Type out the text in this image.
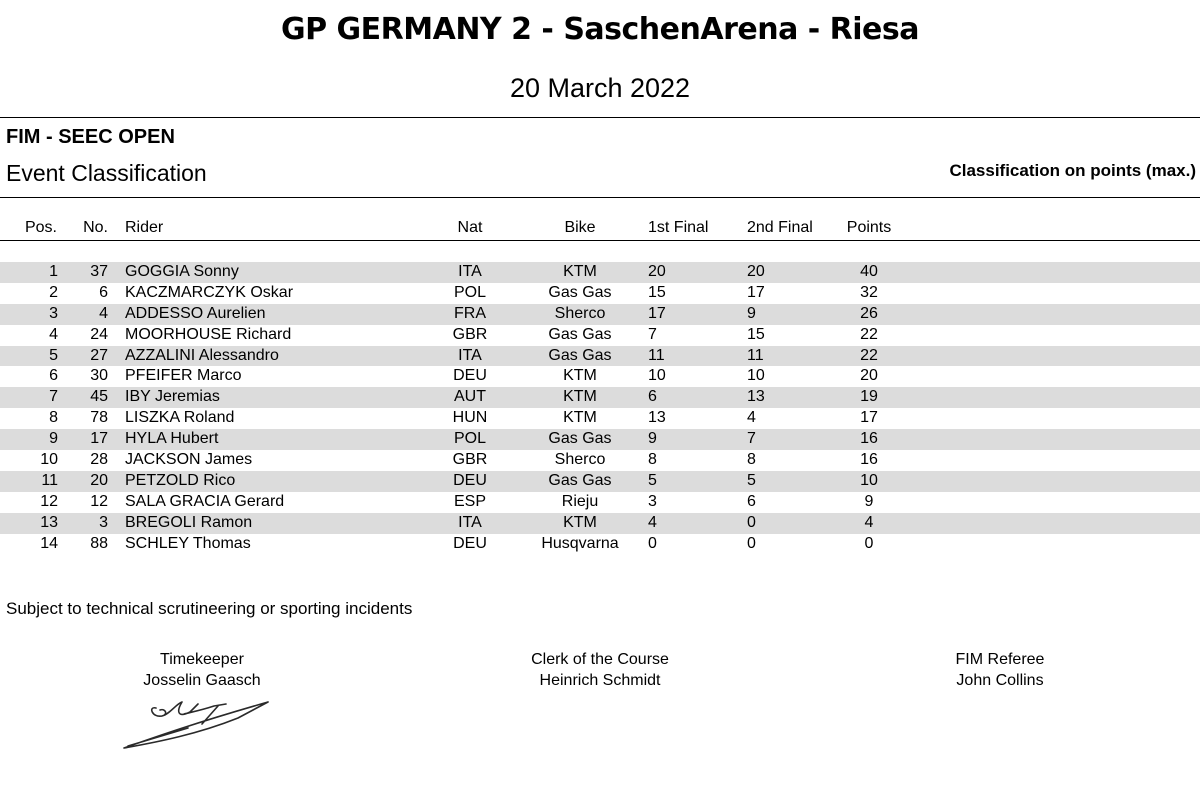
GP GERMANY 2 - SaschenArena - Riesa
20 March 2022
FIM - SEEC OPEN
Event Classification	Classification on points (max.)
Pos.	No. Rider	Nat	Bike	1st Final 2nd Final	Points
1	37 GOGGIA Sonny	ITA	KTM	20	20	40
2	6 KACZMARCZYK Oskar	POL	Gas Gas	15	17	32
3	4 ADDESSO Aurelien	FRA	Sherco	17	9	26
4	24 MOORHOUSE Richard	GBR	Gas Gas	7	15	22
5	27 AZZALINI Alessandro	ITA	Gas Gas	11	11	22
6	30 PFEIFER Marco	DEU	KTM	10	10	20
7	45 IBY Jeremias	AUT	KTM	6	13	19
8	78 LISZKA Roland	HUN	KTM	13	4	17
9	17 HYLA Hubert	POL	Gas Gas	9	7	16
10	28 JACKSON James	GBR	Sherco	8	8	16
11	20 PETZOLD Rico	DEU	Gas Gas	5	5	10
12	12 SALA GRACIA Gerard	ESP	Rieju	3	6	9
13	3 BREGOLI Ramon	ITA	KTM	4	0	4
14	88 SCHLEY Thomas	DEU	Husqvarna	0	0	0
Subject to technical scrutineering or sporting incidents
Timekeeper
Josselin Gaasch
Clerk of the Course
Heinrich Schmidt
FIM Referee
John Collins
